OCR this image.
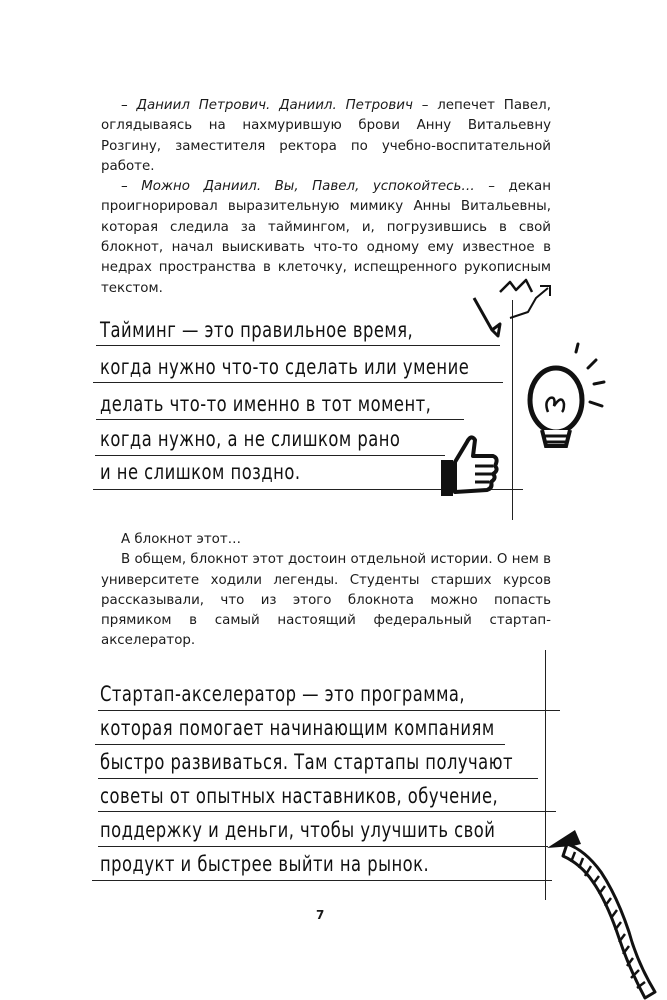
– Даниил Петрович. Даниил. Петрович – лепечет Павел, оглядываясь на нахмурившую брови Анну Витальевну Розгину, заместителя ректора по учебно-воспитательной работе.

– Можно Даниил. Вы, Павел, успокойтесь… – декан проигнорировал выразительную мимику Анны Витальевны, которая следила за таймингом, и, погрузившись в свой блокнот, начал выискивать что-то одному ему известное в недрах пространства в клеточку, испещренного рукописным текстом.

Тайминг — это правильное время,
когда нужно что-то сделать или умение
делать что-то именно в тот момент,
когда нужно, а не слишком рано
и не слишком поздно.

А блокнот этот…

В общем, блокнот этот достоин отдельной истории. О нем в университете ходили легенды. Студенты старших курсов рассказывали, что из этого блокнота можно попасть прямиком в самый настоящий федеральный стартап-акселератор.

Стартап-акселератор — это программа,
которая помогает начинающим компаниям
быстро развиваться. Там стартапы получают
советы от опытных наставников, обучение,
поддержку и деньги, чтобы улучшить свой
продукт и быстрее выйти на рынок.
7
